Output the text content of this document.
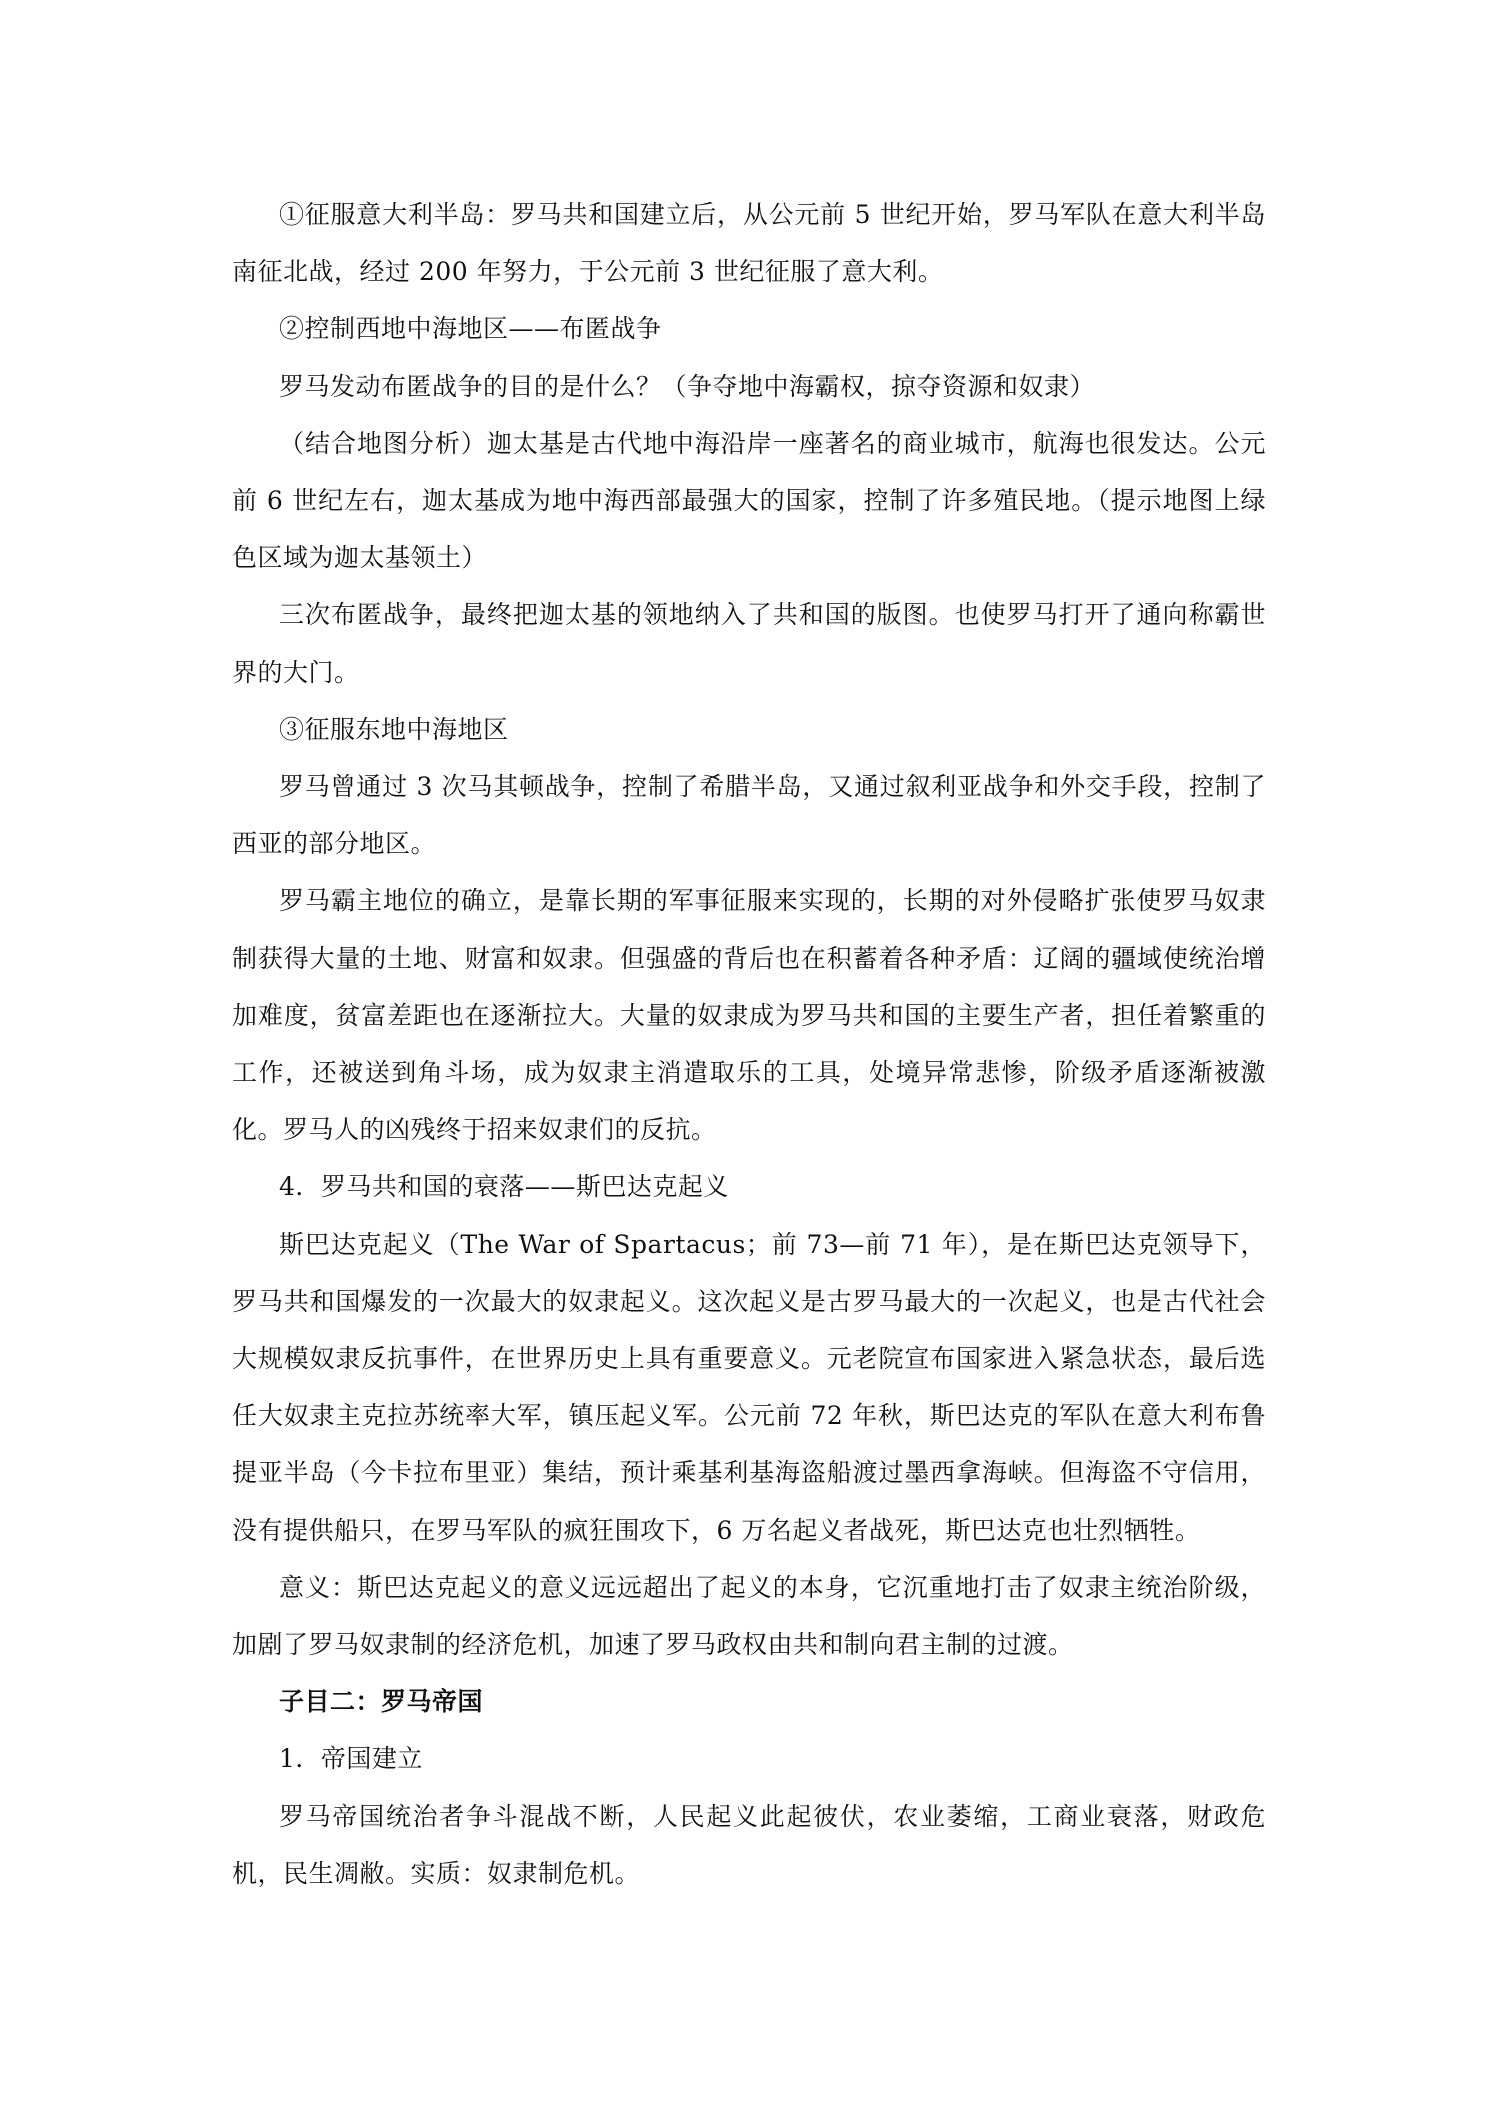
①征服意大利半岛：罗马共和国建立后，从公元前 5 世纪开始，罗马军队在意大利半岛南征北战，经过 200 年努力，于公元前 3 世纪征服了意大利。

②控制西地中海地区——布匿战争

罗马发动布匿战争的目的是什么？（争夺地中海霸权，掠夺资源和奴隶）

（结合地图分析）迦太基是古代地中海沿岸一座著名的商业城市，航海也很发达。公元前 6 世纪左右，迦太基成为地中海西部最强大的国家，控制了许多殖民地。（提示地图上绿色区域为迦太基领土）

三次布匿战争，最终把迦太基的领地纳入了共和国的版图。也使罗马打开了通向称霸世界的大门。

③征服东地中海地区

罗马曾通过 3 次马其顿战争，控制了希腊半岛，又通过叙利亚战争和外交手段，控制了西亚的部分地区。

罗马霸主地位的确立，是靠长期的军事征服来实现的，长期的对外侵略扩张使罗马奴隶制获得大量的土地、财富和奴隶。但强盛的背后也在积蓄着各种矛盾：辽阔的疆域使统治增加难度，贫富差距也在逐渐拉大。大量的奴隶成为罗马共和国的主要生产者，担任着繁重的工作，还被送到角斗场，成为奴隶主消遣取乐的工具，处境异常悲惨，阶级矛盾逐渐被激化。罗马人的凶残终于招来奴隶们的反抗。

4．罗马共和国的衰落——斯巴达克起义

斯巴达克起义（The War of Spartacus；前 73—前 71 年），是在斯巴达克领导下，罗马共和国爆发的一次最大的奴隶起义。这次起义是古罗马最大的一次起义，也是古代社会大规模奴隶反抗事件，在世界历史上具有重要意义。元老院宣布国家进入紧急状态，最后选任大奴隶主克拉苏统率大军，镇压起义军。公元前 72 年秋，斯巴达克的军队在意大利布鲁提亚半岛（今卡拉布里亚）集结，预计乘基利基海盗船渡过墨西拿海峡。但海盗不守信用，没有提供船只，在罗马军队的疯狂围攻下，6 万名起义者战死，斯巴达克也壮烈牺牲。

意义：斯巴达克起义的意义远远超出了起义的本身，它沉重地打击了奴隶主统治阶级，加剧了罗马奴隶制的经济危机，加速了罗马政权由共和制向君主制的过渡。

子目二：罗马帝国

1．帝国建立

罗马帝国统治者争斗混战不断，人民起义此起彼伏，农业萎缩，工商业衰落，财政危机，民生凋敝。实质：奴隶制危机。
